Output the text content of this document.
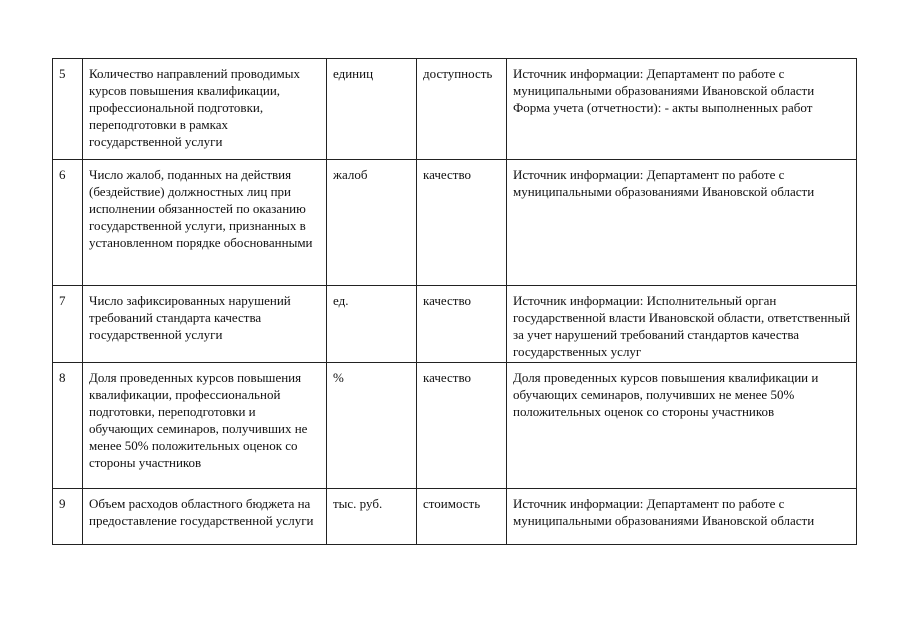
5	Количество направлений проводимых курсов повышения квалификации, профессиональной подготовки, переподготовки в рамках государственной услуги	единиц	доступность	Источник информации: Департамент по работе с муниципальными образованиями Ивановской области
Форма учета (отчетности): - акты выполненных работ

6	Число жалоб, поданных на действия (бездействие) должностных лиц при исполнении обязанностей по оказанию государственной услуги, признанных в установленном порядке обоснованными	жалоб	качество	Источник информации: Департамент по работе с муниципальными образованиями Ивановской области
7	Число зафиксированных нарушений требований стандарта качества государственной услуги	ед.	качество	Источник информации: Исполнительный орган государственной власти Ивановской области, ответственный за учет нарушений требований стандартов качества государственных услуг
8	Доля проведенных курсов повышения квалификации, профессиональной подготовки, переподготовки и обучающих семинаров, получивших не менее 50% положительных оценок со стороны участников	%	качество	Доля проведенных курсов повышения квалификации и обучающих семинаров, получивших не менее 50% положительных оценок со стороны участников
9	Объем расходов областного бюджета на предоставление государственной услуги	тыс. руб.	стоимость	Источник информации: Департамент по работе с муниципальными образованиями Ивановской области
